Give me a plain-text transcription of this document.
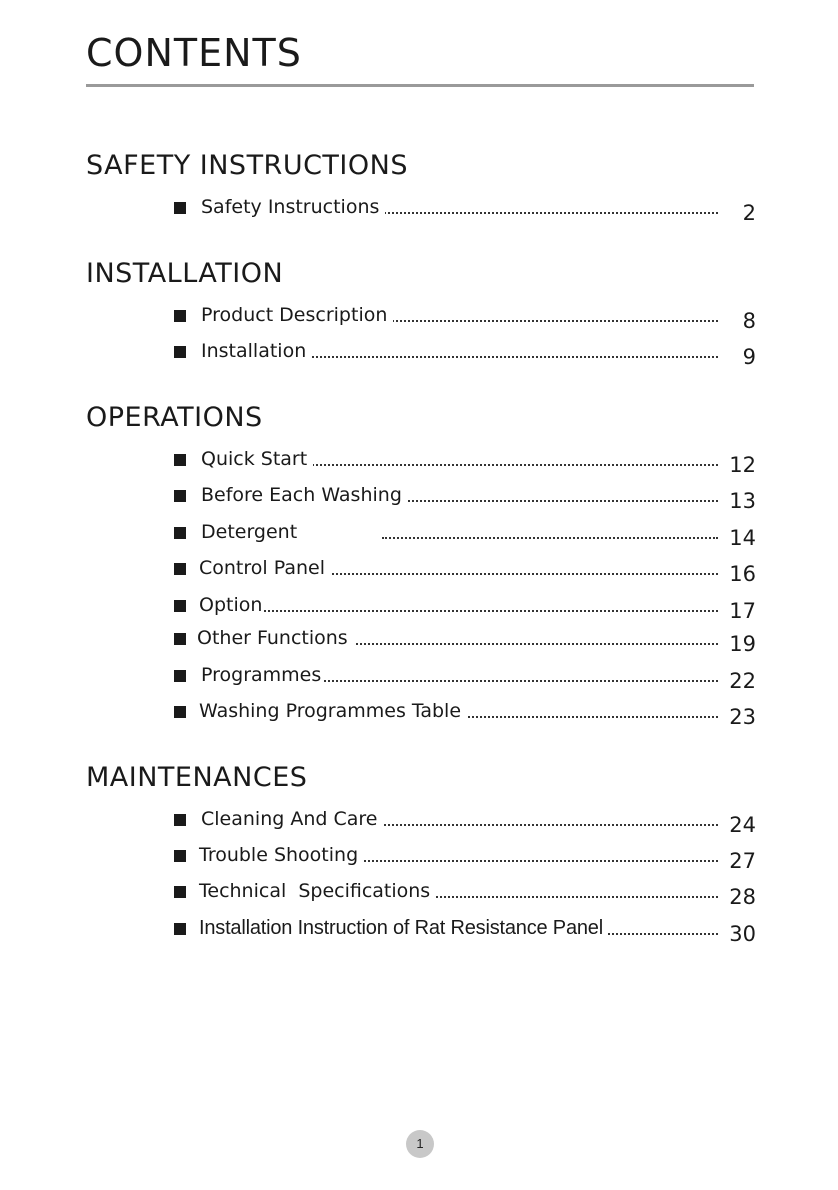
CONTENTS
SAFETY INSTRUCTIONS
Safety Instructions	2
INSTALLATION
Product Description	8
Installation	9
OPERATIONS
Quick Start	12
Before Each Washing	13
Detergent	14
Control Panel	16
Option	17
Other Functions	19
Programmes	22
Washing Programmes Table	23
MAINTENANCES
Cleaning And Care	24
Trouble Shooting	27
Technical  Specifications	28
Installation Instruction of Rat Resistance Panel	30
1
